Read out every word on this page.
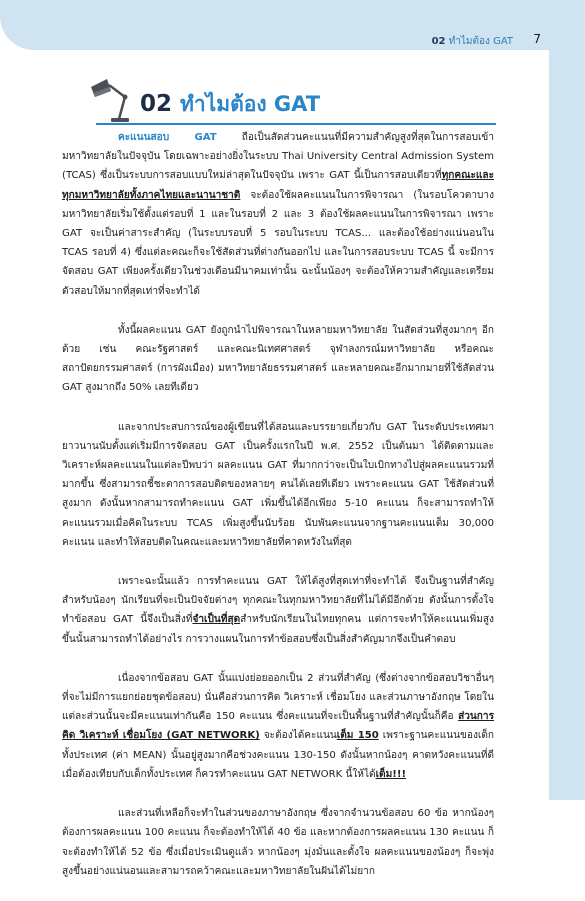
02 ทำไมต้อง GAT 7
02 ทำไมต้อง GAT

คะแนนสอบ GAT ถือเป็นสัดส่วนคะแนนที่มีความสำคัญสูงที่สุดในการสอบเข้ามหาวิทยาลัยในปัจจุบัน โดยเฉพาะอย่างยิ่งในระบบ Thai University Central Admission System (TCAS) ซึ่งเป็นระบบการสอบแบบใหม่ล่าสุดในปัจจุบัน เพราะ GAT นี้เป็นการสอบเดียวที่ทุกคณะและทุกมหาวิทยาลัยทั้งภาคไทยและนานาชาติ จะต้องใช้ผลคะแนนในการพิจารณา (ในรอบโควตาบางมหาวิทยาลัยเริ่มใช้ตั้งแต่รอบที่ 1 และในรอบที่ 2 และ 3 ต้องใช้ผลคะแนนในการพิจารณา เพราะ GAT จะเป็นค่าสาระสำคัญ (ในระบบรอบที่ 5 รอบในระบบ TCAS... และต้องใช้อย่างแน่นอนใน TCAS รอบที่ 4) ซึ่งแต่ละคณะก็จะใช้สัดส่วนที่ต่างกันออกไป และในการสอบระบบ TCAS นี้ จะมีการจัดสอบ GAT เพียงครั้งเดียวในช่วงเดือนมีนาคมเท่านั้น ฉะนั้นน้องๆ จะต้องให้ความสำคัญและเตรียมตัวสอบให้มากที่สุดเท่าที่จะทำได้

ทั้งนี้ผลคะแนน GAT ยังถูกนำไปพิจารณาในหลายมหาวิทยาลัย ในสัดส่วนที่สูงมากๆ อีกด้วย เช่น คณะรัฐศาสตร์ และคณะนิเทศศาสตร์ จุฬาลงกรณ์มหาวิทยาลัย หรือคณะสถาปัตยกรรมศาสตร์ (การผังเมือง) มหาวิทยาลัยธรรมศาสตร์ และหลายคณะอีกมากมายที่ใช้สัดส่วน GAT สูงมากถึง 50% เลยทีเดียว

และจากประสบการณ์ของผู้เขียนที่ได้สอนและบรรยายเกี่ยวกับ GAT ในระดับประเทศมายาวนานนับตั้งแต่เริ่มมีการจัดสอบ GAT เป็นครั้งแรกในปี พ.ศ. 2552 เป็นต้นมา ได้ติดตามและวิเคราะห์ผลคะแนนในแต่ละปีพบว่า ผลคะแนน GAT ที่มากกว่าจะเป็นใบเบิกทางไปสู่ผลคะแนนรวมที่มากขึ้น ซึ่งสามารถชี้ชะตาการสอบติดของหลายๆ คนได้เลยทีเดียว เพราะคะแนน GAT ใช้สัดส่วนที่สูงมาก ดังนั้นหากสามารถทำคะแนน GAT เพิ่มขึ้นได้อีกเพียง 5-10 คะแนน ก็จะสามารถทำให้คะแนนรวมเมื่อคิดในระบบ TCAS เพิ่มสูงขึ้นนับร้อย นับพันคะแนนจากฐานคะแนนเต็ม 30,000 คะแนน และทำให้สอบติดในคณะและมหาวิทยาลัยที่คาดหวังในที่สุด

เพราะฉะนั้นแล้ว การทำคะแนน GAT ให้ได้สูงที่สุดเท่าที่จะทำได้ จึงเป็นฐานที่สำคัญสำหรับน้องๆ นักเรียนที่จะเป็นปัจจัยต่างๆ ทุกคณะในทุกมหาวิทยาลัยที่ไม่ได้มีอีกด้วย ดังนั้นการตั้งใจทำข้อสอบ GAT นี้จึงเป็นสิ่งที่จำเป็นที่สุดสำหรับนักเรียนในไทยทุกคน แต่การจะทำให้คะแนนเพิ่มสูงขึ้นนั้นสามารถทำได้อย่างไร การวางแผนในการทำข้อสอบซึ่งเป็นสิ่งสำคัญมากจึงเป็นคำตอบ

เนื่องจากข้อสอบ GAT นั้นแบ่งย่อยออกเป็น 2 ส่วนที่สำคัญ (ซึ่งต่างจากข้อสอบวิชาอื่นๆ ที่จะไม่มีการแยกย่อยชุดข้อสอบ) นั่นคือส่วนการคิด วิเคราะห์ เชื่อมโยง และส่วนภาษาอังกฤษ โดยในแต่ละส่วนนั้นจะมีคะแนนเท่ากันคือ 150 คะแนน ซึ่งคะแนนที่จะเป็นพื้นฐานที่สำคัญนั้นก็คือ ส่วนการคิด วิเคราะห์ เชื่อมโยง (GAT NETWORK) จะต้องได้คะแนนเต็ม 150 เพราะฐานคะแนนของเด็กทั้งประเทศ (ค่า MEAN) นั้นอยู่สูงมากคือช่วงคะแนน 130-150 ดังนั้นหากน้องๆ คาดหวังคะแนนที่ดีเมื่อต้องเทียบกับเด็กทั้งประเทศ ก็ควรทำคะแนน GAT NETWORK นี้ให้ได้เต็ม!!!

และส่วนที่เหลือก็จะทำในส่วนของภาษาอังกฤษ ซึ่งจากจำนวนข้อสอบ 60 ข้อ หากน้องๆ ต้องการผลคะแนน 100 คะแนน ก็จะต้องทำให้ได้ 40 ข้อ และหากต้องการผลคะแนน 130 คะแนน ก็จะต้องทำให้ได้ 52 ข้อ ซึ่งเมื่อประเมินดูแล้ว หากน้องๆ มุ่งมั่นและตั้งใจ ผลคะแนนของน้องๆ ก็จะพุ่งสูงขึ้นอย่างแน่นอนและสามารถคว้าคณะและมหาวิทยาลัยในฝันได้ไม่ยาก
